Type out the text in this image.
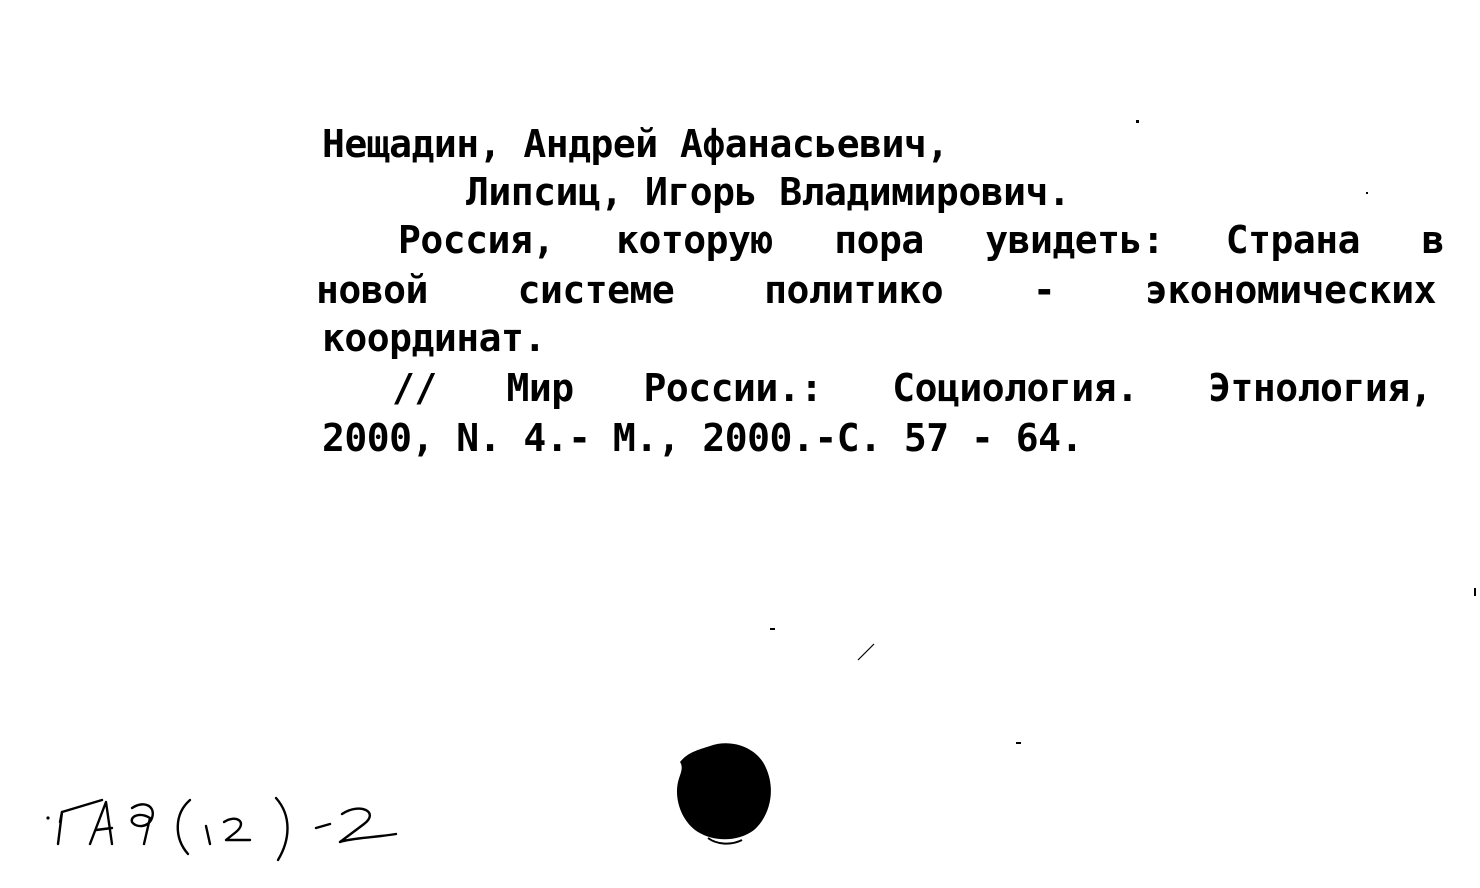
Нещадин, Андрей Афанасьевич,
Липсиц, Игорь Владимирович.
Россия, которую пора увидеть: Страна в
новой системе политико - экономических
координат.
// Мир России.: Социология. Этнология,
2000, N. 4.- М., 2000.-С. 57 - 64.
